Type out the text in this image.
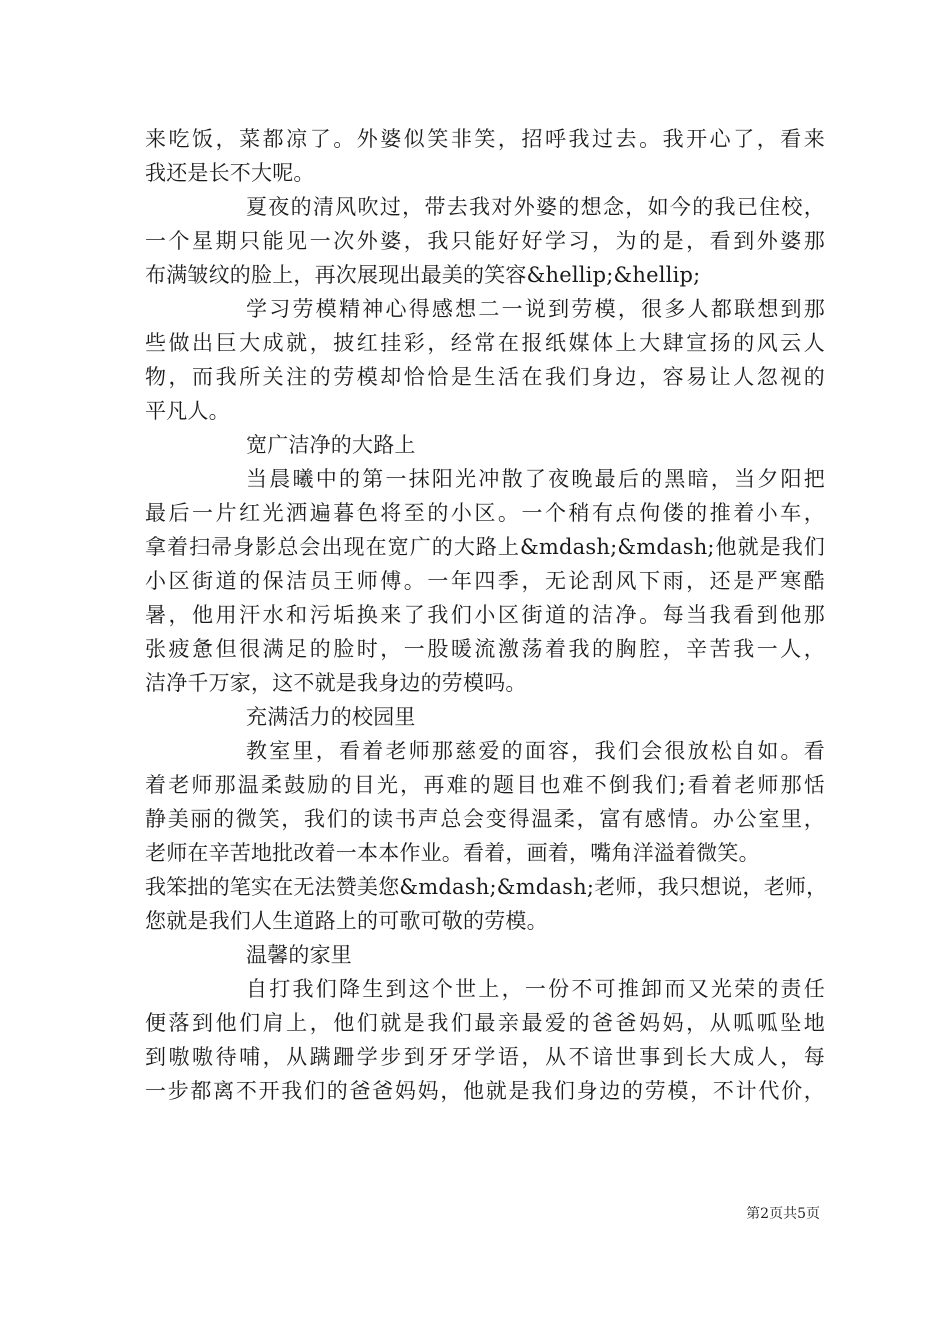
来吃饭，菜都凉了。外婆似笑非笑，招呼我过去。我开心了，看来
我还是长不大呢。
夏夜的清风吹过，带去我对外婆的想念，如今的我已住校，
一个星期只能见一次外婆，我只能好好学习，为的是，看到外婆那
布满皱纹的脸上，再次展现出最美的笑容&hellip;&hellip;
学习劳模精神心得感想二一说到劳模，很多人都联想到那
些做出巨大成就，披红挂彩，经常在报纸媒体上大肆宣扬的风云人
物，而我所关注的劳模却恰恰是生活在我们身边，容易让人忽视的
平凡人。
宽广洁净的大路上
当晨曦中的第一抹阳光冲散了夜晚最后的黑暗，当夕阳把
最后一片红光洒遍暮色将至的小区。一个稍有点佝偻的推着小车，
拿着扫帚身影总会出现在宽广的大路上&mdash;&mdash;他就是我们
小区街道的保洁员王师傅。一年四季，无论刮风下雨，还是严寒酷
暑，他用汗水和污垢换来了我们小区街道的洁净。每当我看到他那
张疲惫但很满足的脸时，一股暖流激荡着我的胸腔，辛苦我一人，
洁净千万家，这不就是我身边的劳模吗。
充满活力的校园里
教室里，看着老师那慈爱的面容，我们会很放松自如。看
着老师那温柔鼓励的目光，再难的题目也难不倒我们;看着老师那恬
静美丽的微笑，我们的读书声总会变得温柔，富有感情。办公室里，
老师在辛苦地批改着一本本作业。看着，画着，嘴角洋溢着微笑。
我笨拙的笔实在无法赞美您&mdash;&mdash;老师，我只想说，老师，
您就是我们人生道路上的可歌可敬的劳模。
温馨的家里
自打我们降生到这个世上，一份不可推卸而又光荣的责任
便落到他们肩上，他们就是我们最亲最爱的爸爸妈妈，从呱呱坠地
到嗷嗷待哺，从蹒跚学步到牙牙学语，从不谙世事到长大成人，每
一步都离不开我们的爸爸妈妈，他就是我们身边的劳模，不计代价，
第2页共5页
